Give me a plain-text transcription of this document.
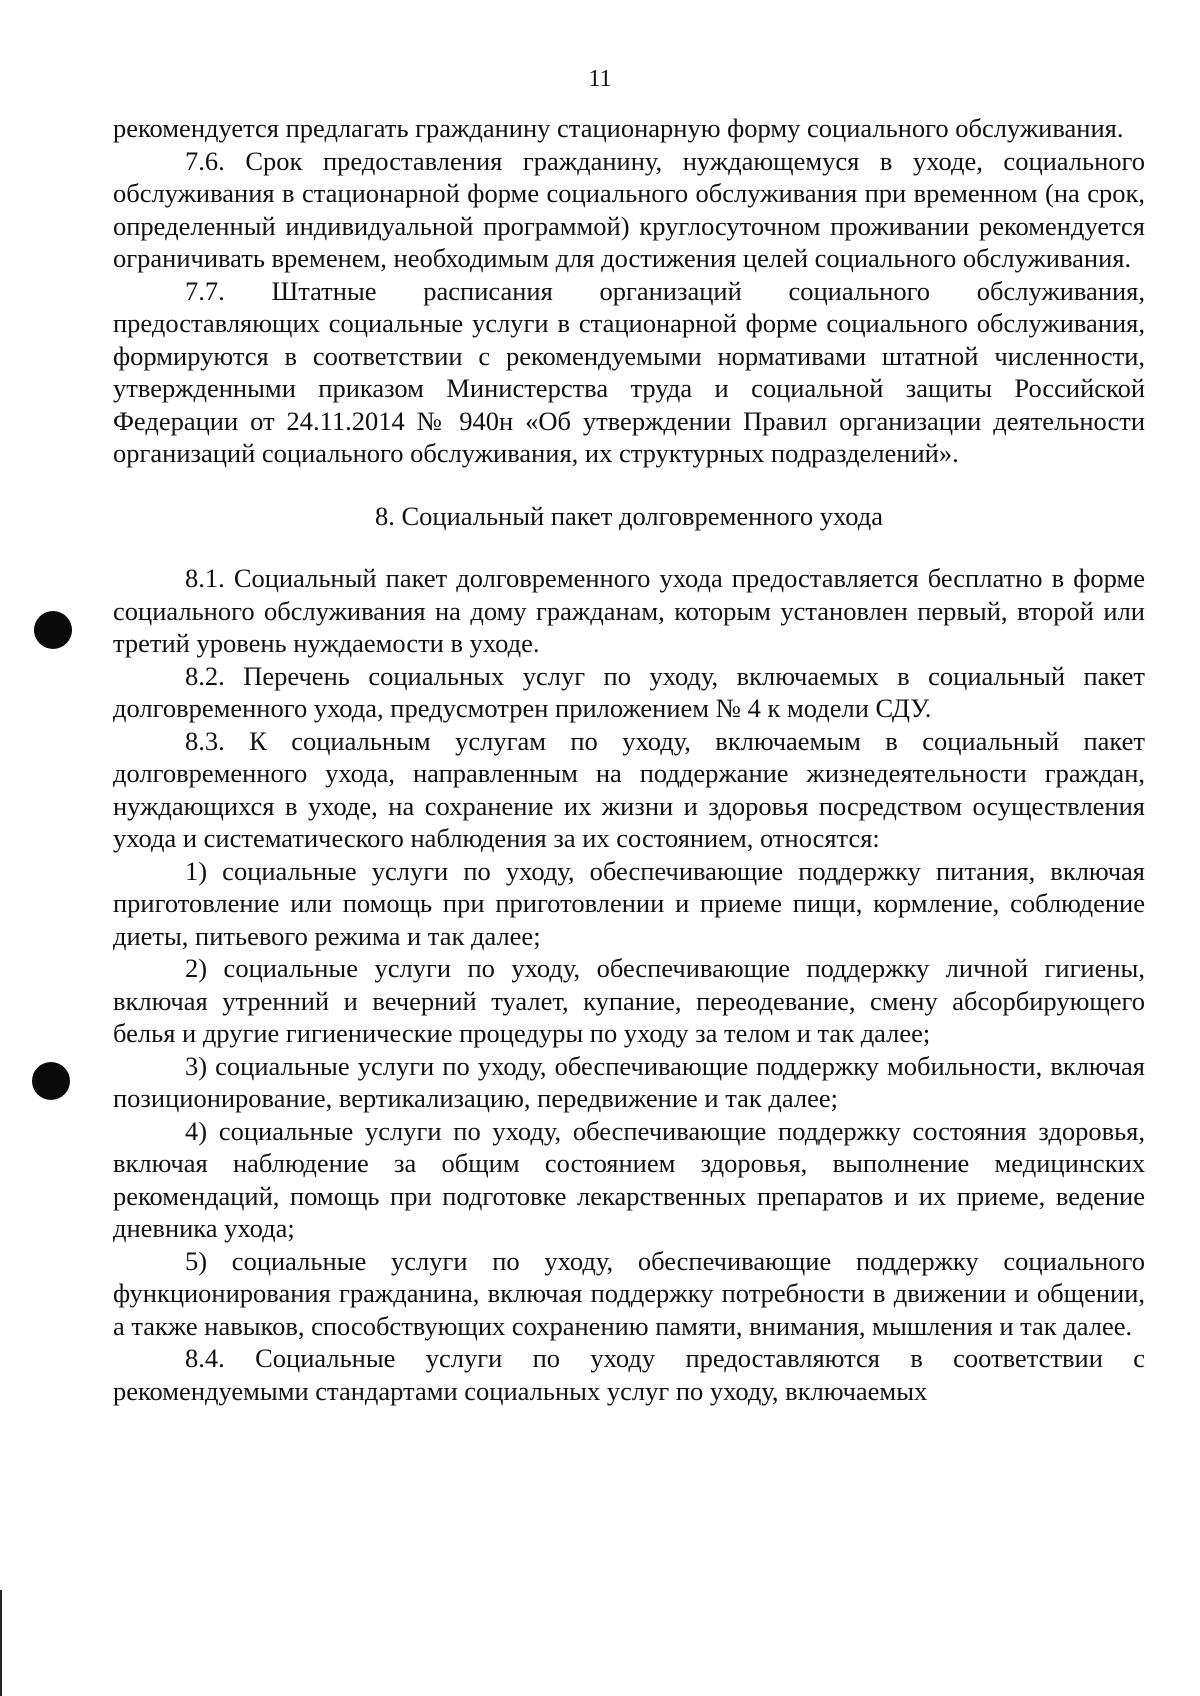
11

рекомендуется предлагать гражданину стационарную форму социального обслуживания.

7.6. Срок предоставления гражданину, нуждающемуся в уходе, социального обслуживания в стационарной форме социального обслуживания при временном (на срок, определенный индивидуальной программой) круглосуточном проживании рекомендуется ограничивать временем, необходимым для достижения целей социального обслуживания.

7.7. Штатные расписания организаций социального обслуживания, предоставляющих социальные услуги в стационарной форме социального обслуживания, формируются в соответствии с рекомендуемыми нормативами штатной численности, утвержденными приказом Министерства труда и социальной защиты Российской Федерации от 24.11.2014 № 940н «Об утверждении Правил организации деятельности организаций социального обслуживания, их структурных подразделений».

8. Социальный пакет долговременного ухода

8.1. Социальный пакет долговременного ухода предоставляется бесплатно в форме социального обслуживания на дому гражданам, которым установлен первый, второй или третий уровень нуждаемости в уходе.

8.2. Перечень социальных услуг по уходу, включаемых в социальный пакет долговременного ухода, предусмотрен приложением № 4 к модели СДУ.

8.3. К социальным услугам по уходу, включаемым в социальный пакет долговременного ухода, направленным на поддержание жизнедеятельности граждан, нуждающихся в уходе, на сохранение их жизни и здоровья посредством осуществления ухода и систематического наблюдения за их состоянием, относятся:

1) социальные услуги по уходу, обеспечивающие поддержку питания, включая приготовление или помощь при приготовлении и приеме пищи, кормление, соблюдение диеты, питьевого режима и так далее;

2) социальные услуги по уходу, обеспечивающие поддержку личной гигиены, включая утренний и вечерний туалет, купание, переодевание, смену абсорбирующего белья и другие гигиенические процедуры по уходу за телом и так далее;

3) социальные услуги по уходу, обеспечивающие поддержку мобильности, включая позиционирование, вертикализацию, передвижение и так далее;

4) социальные услуги по уходу, обеспечивающие поддержку состояния здоровья, включая наблюдение за общим состоянием здоровья, выполнение медицинских рекомендаций, помощь при подготовке лекарственных препаратов и их приеме, ведение дневника ухода;

5) социальные услуги по уходу, обеспечивающие поддержку социального функционирования гражданина, включая поддержку потребности в движении и общении, а также навыков, способствующих сохранению памяти, внимания, мышления и так далее.

8.4. Социальные услуги по уходу предоставляются в соответствии с рекомендуемыми стандартами социальных услуг по уходу, включаемых
